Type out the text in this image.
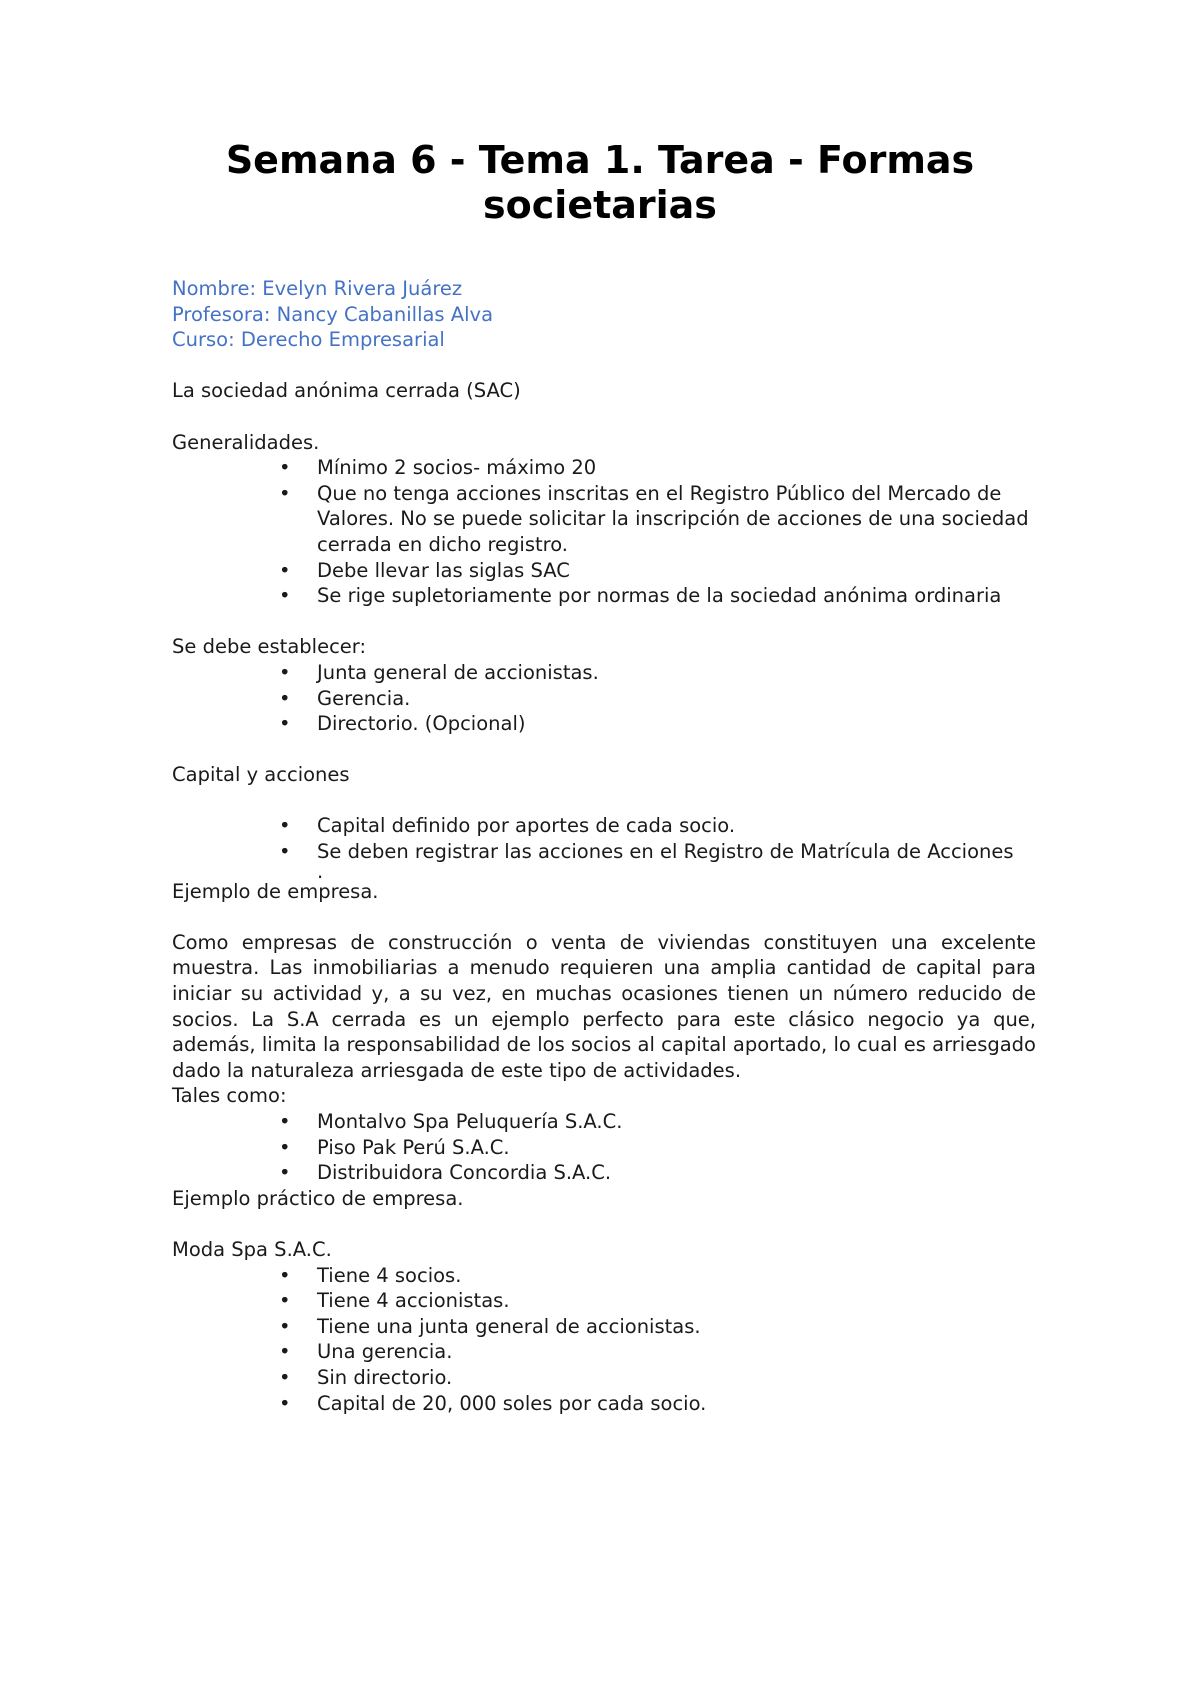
Semana 6 - Tema 1. Tarea - Formas societarias

Nombre: Evelyn Rivera Juárez

Profesora: Nancy Cabanillas Alva

Curso: Derecho Empresarial

La sociedad anónima cerrada (SAC)

Generalidades.

• Mínimo 2 socios- máximo 20
• Que no tenga acciones inscritas en el Registro Público del Mercado de Valores. No se puede solicitar la inscripción de acciones de una sociedad cerrada en dicho registro.
• Debe llevar las siglas SAC
• Se rige supletoriamente por normas de la sociedad anónima ordinaria

Se debe establecer:

• Junta general de accionistas.
• Gerencia.
• Directorio. (Opcional)

Capital y acciones

• Capital definido por aportes de cada socio.
• Se deben registrar las acciones en el Registro de Matrícula de Acciones
.

Ejemplo de empresa.

Como empresas de construcción o venta de viviendas constituyen una excelente muestra. Las inmobiliarias a menudo requieren una amplia cantidad de capital para iniciar su actividad y, a su vez, en muchas ocasiones tienen un número reducido de socios. La S.A cerrada es un ejemplo perfecto para este clásico negocio ya que, además, limita la responsabilidad de los socios al capital aportado, lo cual es arriesgado dado la naturaleza arriesgada de este tipo de actividades.

Tales como:

• Montalvo Spa Peluquería S.A.C.
• Piso Pak Perú S.A.C.
• Distribuidora Concordia S.A.C.

Ejemplo práctico de empresa.

Moda Spa S.A.C.

• Tiene 4 socios.
• Tiene 4 accionistas.
• Tiene una junta general de accionistas.
• Una gerencia.
• Sin directorio.
• Capital de 20, 000 soles por cada socio.
